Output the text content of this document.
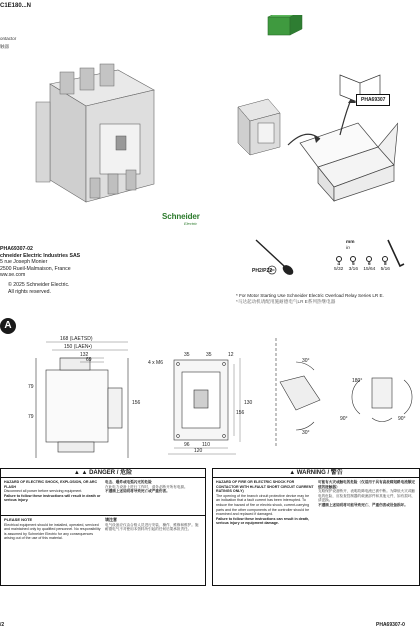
C1E180...N
ontactor
触器
Schneider
Electric
PHA69307-02
chneider Electric Industries SAS
5 rue Joseph Monier
2500 Rueil-Malmaison, France
ww.se.com
© 2025 Schneider Electric.
All rights reserved.
PHA69307
PH2/PZ2
mm
in
4
5/32
5
3/16
6
15/64
8
5/16
* For Motor Starting Use Schneider Electric Overload Relay Series LR E.
*马达起动机请配用施耐德电气LR E系列热继电器
A
168 (LAETSD)
150 (LAEN•)
132
69
79
79
156
4 x M6
35	35	12
130
156
96 110
120
30°
30°
180°
90°	90°
▲ ▲ DANGER / 危险
HAZARD OF ELECTRIC SHOCK, EXPLOSION, OR ARC FLASH
Disconnect all power before servicing equipment.
Failure to follow these instructions will result in death or serious injury.
电击、爆炸或电弧闪光的危险
在此电力设备上进行工作时，请务必断开所有电源。
不遵循上述说明将导致死亡或严重伤害。
PLEASE NOTE
Electrical equipment should be installed, operated, serviced and maintained only by qualified personnel. No responsibility is assumed by Schneider Electric for any consequences arising out of the use of this material.
请注意
电气设备应仅由合格人员进行安装、操作、维修和维护。施耐德电气不对使用本资料所引起的任何后果承担责任。
▲ WARNING / 警告
HAZARD OF FIRE OR ELECTRIC SHOCK FOR CONTACTOR WITH Hi-FAULT SHORT CIRCUIT CURRENT RATINGS ONLY)
The opening of the branch circuit protective device may be an indication that a fault current has been interrupted. To reduce the hazard of fire or electric shock, current-carrying parts and the other components of the controller should be examined and replaced if damaged.
Failure to follow these instructions can result in death, serious injury or equipment damage.
可能有火灾或触电的危险（仅适用于具有高故障短路电流额定值的接触器）
支路保护设备断开，表明故障电流已被中断。为降低火灾或触电的危险，应检查控制器的载流部件和其他元件，如有损坏，请更换。
不遵循上述说明将可能导致死亡、严重伤害或设备损坏。
/2	PHA69307-0
